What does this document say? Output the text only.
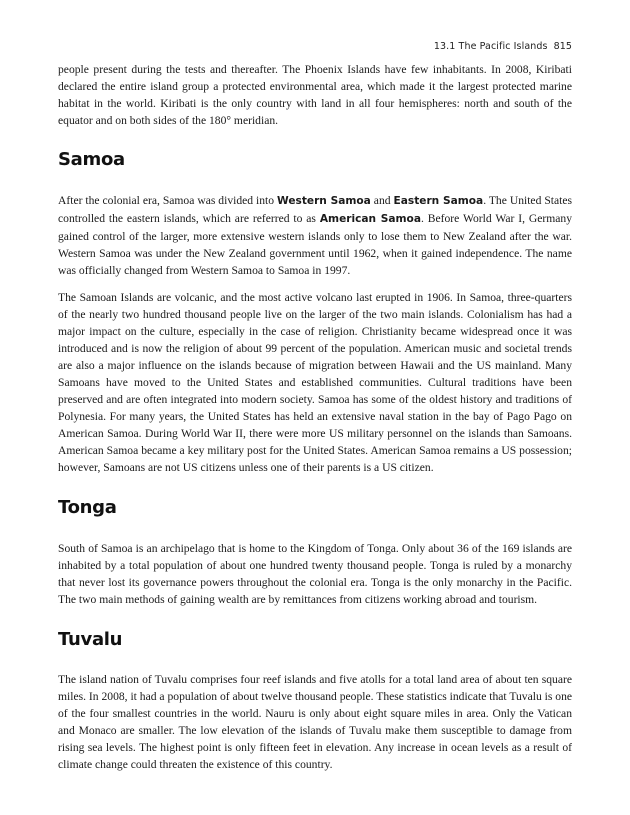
13.1 The Pacific Islands 815

people present during the tests and thereafter. The Phoenix Islands have few inhabitants. In 2008, Kiribati declared the entire island group a protected environmental area, which made it the largest protected marine habitat in the world. Kiribati is the only country with land in all four hemispheres: north and south of the equator and on both sides of the 180° meridian.

Samoa

After the colonial era, Samoa was divided into Western Samoa and Eastern Samoa. The United States controlled the eastern islands, which are referred to as American Samoa. Before World War I, Germany gained control of the larger, more extensive western islands only to lose them to New Zealand after the war. Western Samoa was under the New Zealand government until 1962, when it gained independence. The name was officially changed from Western Samoa to Samoa in 1997.

The Samoan Islands are volcanic, and the most active volcano last erupted in 1906. In Samoa, three-quarters of the nearly two hundred thousand people live on the larger of the two main islands. Colonialism has had a major impact on the culture, especially in the case of religion. Christianity became widespread once it was introduced and is now the religion of about 99 percent of the population. American music and societal trends are also a major influence on the islands because of migration between Hawaii and the US mainland. Many Samoans have moved to the United States and established communities. Cultural traditions have been preserved and are often integrated into modern society. Samoa has some of the oldest history and traditions of Polynesia. For many years, the United States has held an extensive naval station in the bay of Pago Pago on American Samoa. During World War II, there were more US military personnel on the islands than Samoans. American Samoa became a key military post for the United States. American Samoa remains a US possession; however, Samoans are not US citizens unless one of their parents is a US citizen.

Tonga

South of Samoa is an archipelago that is home to the Kingdom of Tonga. Only about 36 of the 169 islands are inhabited by a total population of about one hundred twenty thousand people. Tonga is ruled by a monarchy that never lost its governance powers throughout the colonial era. Tonga is the only monarchy in the Pacific. The two main methods of gaining wealth are by remittances from citizens working abroad and tourism.

Tuvalu

The island nation of Tuvalu comprises four reef islands and five atolls for a total land area of about ten square miles. In 2008, it had a population of about twelve thousand people. These statistics indicate that Tuvalu is one of the four smallest countries in the world. Nauru is only about eight square miles in area. Only the Vatican and Monaco are smaller. The low elevation of the islands of Tuvalu make them susceptible to damage from rising sea levels. The highest point is only fifteen feet in elevation. Any increase in ocean levels as a result of climate change could threaten the existence of this country.
